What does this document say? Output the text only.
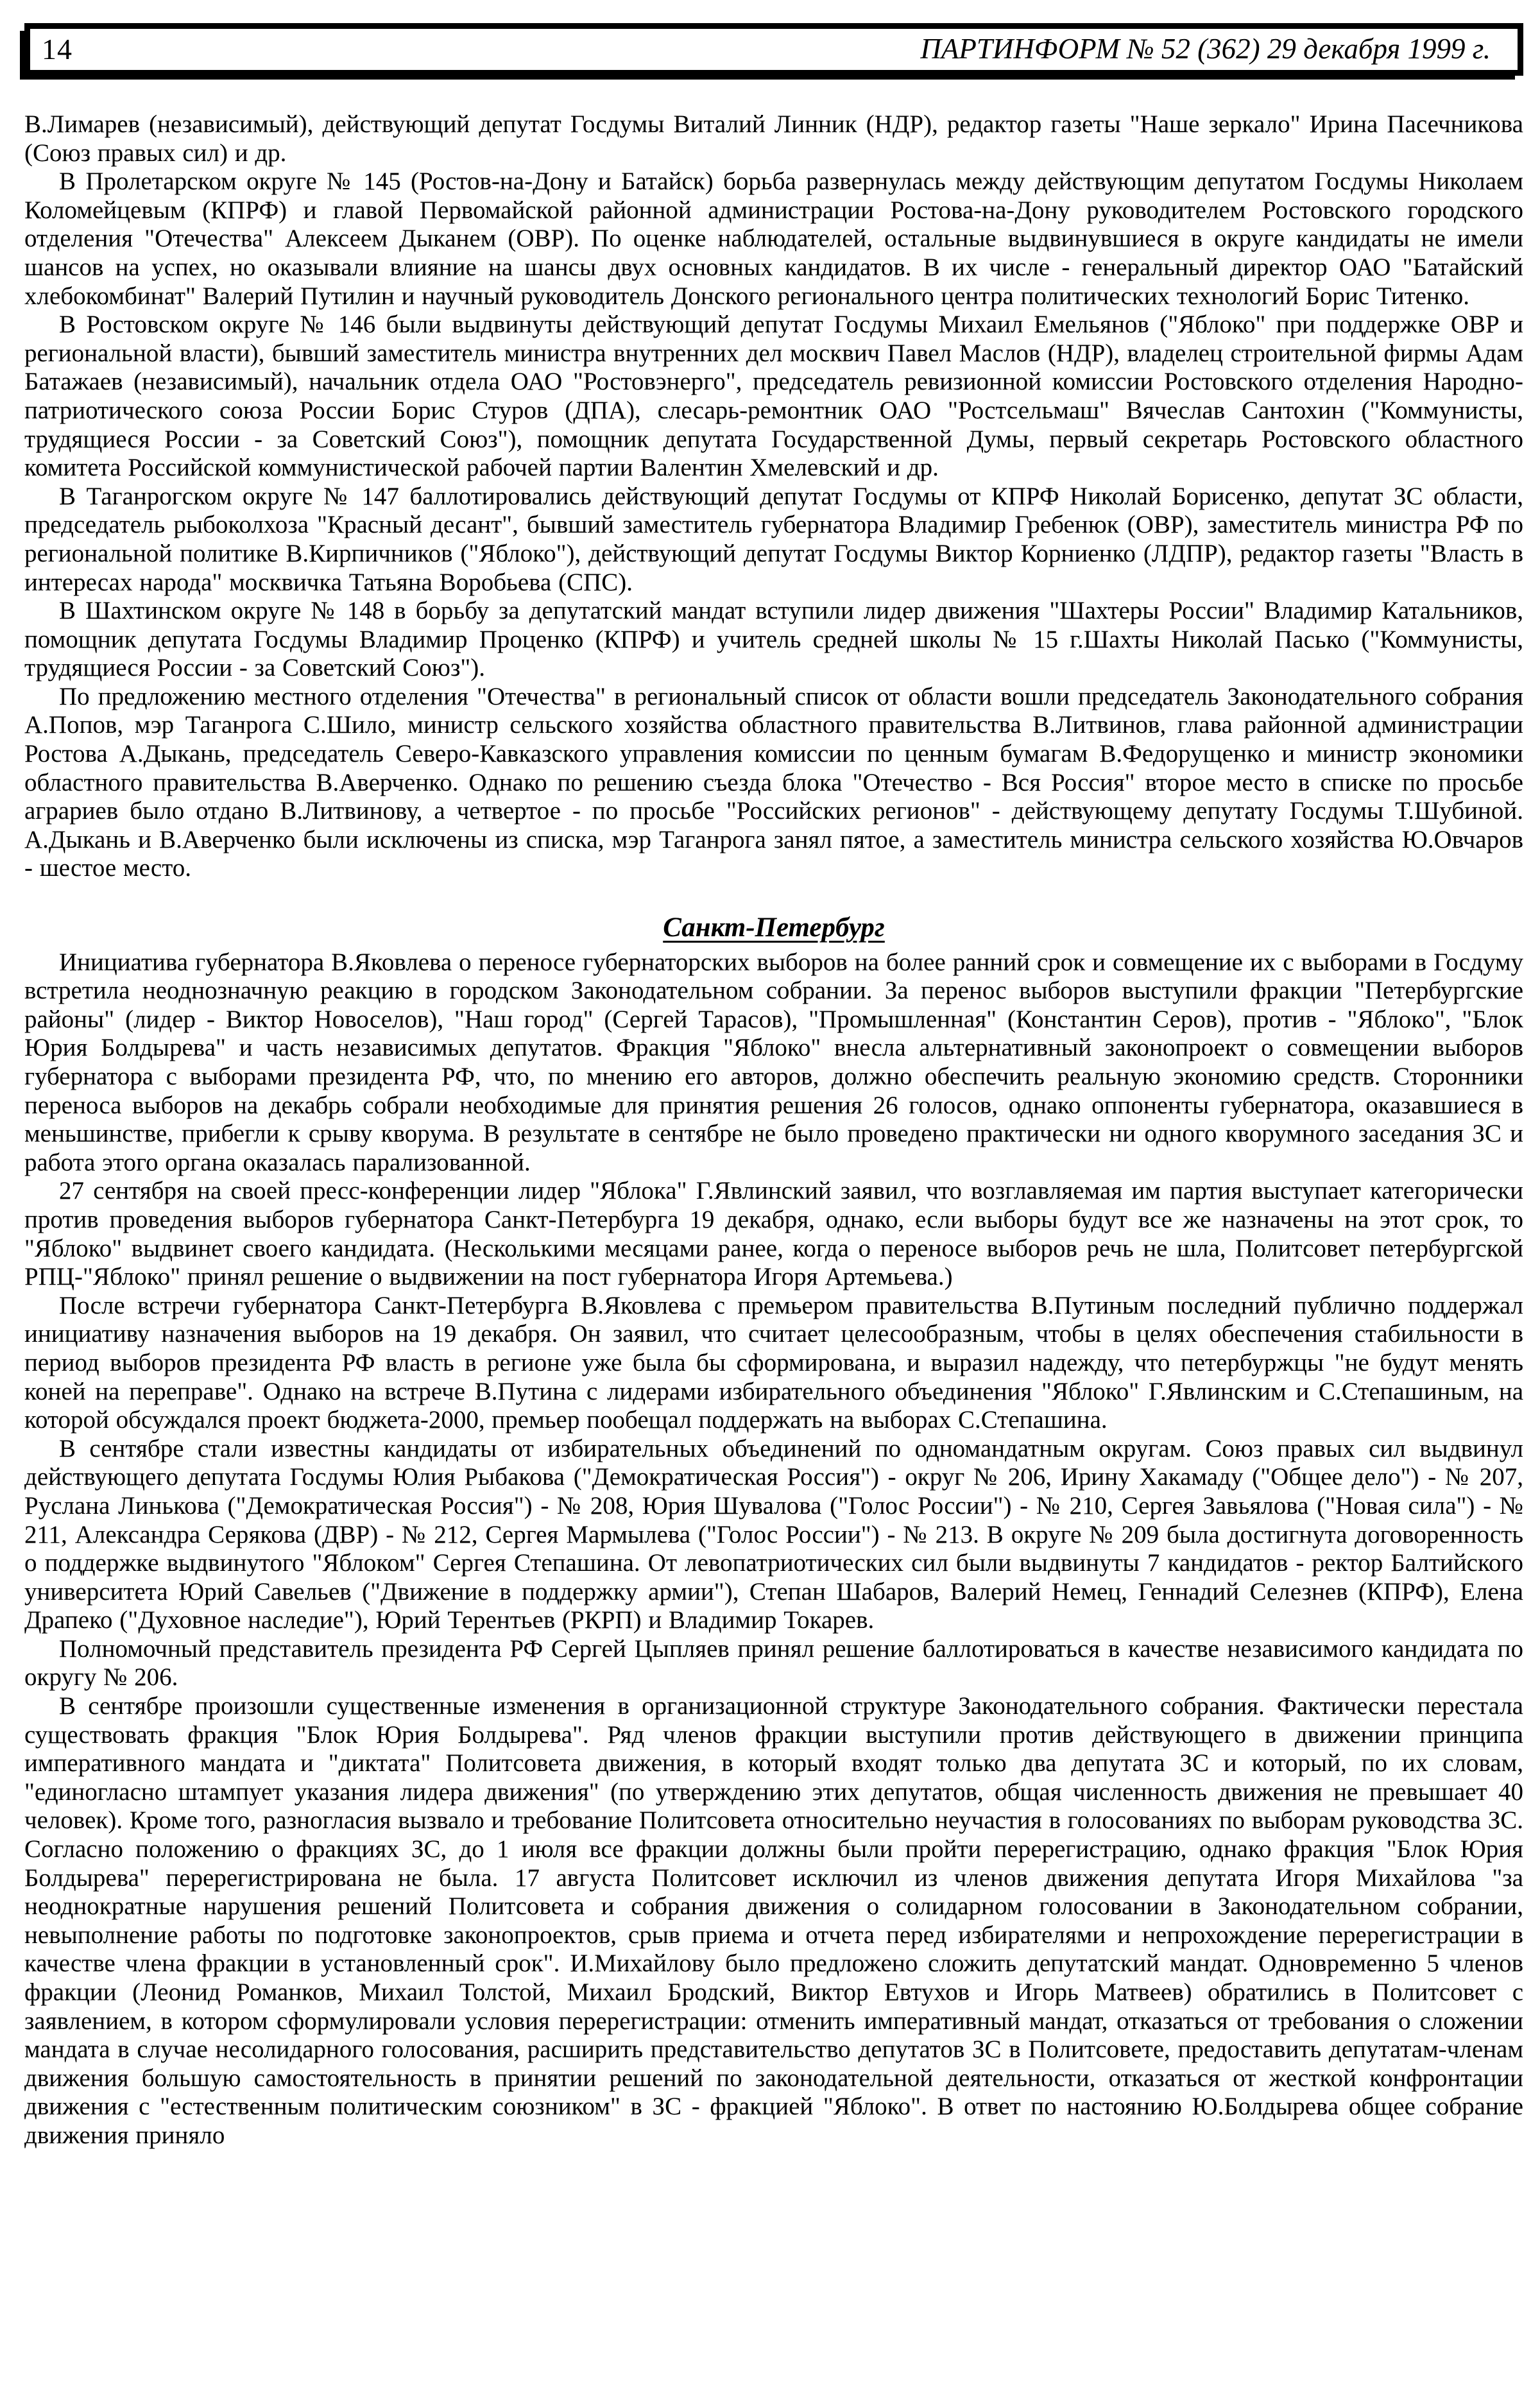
14	ПАРТИНФОРМ № 52 (362) 29 декабря 1999 г.

В.Лимарев (независимый), действующий депутат Госдумы Виталий Линник (НДР), редактор газеты "Наше зеркало" Ирина Пасечникова (Союз правых сил) и др.

В Пролетарском округе № 145 (Ростов-на-Дону и Батайск) борьба развернулась между действующим депутатом Госдумы Николаем Коломейцевым (КПРФ) и главой Первомайской районной администрации Ростова-на-Дону руководителем Ростовского городского отделения "Отечества" Алексеем Дыканем (ОВР). По оценке наблюдателей, остальные выдвинувшиеся в округе кандидаты не имели шансов на успех, но оказывали влияние на шансы двух основных кандидатов. В их числе - генеральный директор ОАО "Батайский хлебокомбинат" Валерий Путилин и научный руководитель Донского регионального центра политических технологий Борис Титенко.

В Ростовском округе № 146 были выдвинуты действующий депутат Госдумы Михаил Емельянов ("Яблоко" при поддержке ОВР и региональной власти), бывший заместитель министра внутренних дел москвич Павел Маслов (НДР), владелец строительной фирмы Адам Батажаев (независимый), начальник отдела ОАО "Ростовэнерго", председатель ревизионной комиссии Ростовского отделения Народно-патриотического союза России Борис Стуров (ДПА), слесарь-ремонтник ОАО "Ростсельмаш" Вячеслав Сантохин ("Коммунисты, трудящиеся России - за Советский Союз"), помощник депутата Государственной Думы, первый секретарь Ростовского областного комитета Российской коммунистической рабочей партии Валентин Хмелевский и др.

В Таганрогском округе № 147 баллотировались действующий депутат Госдумы от КПРФ Николай Борисенко, депутат ЗС области, председатель рыбоколхоза "Красный десант", бывший заместитель губернатора Владимир Гребенюк (ОВР), заместитель министра РФ по региональной политике В.Кирпичников ("Яблоко"), действующий депутат Госдумы Виктор Корниенко (ЛДПР), редактор газеты "Власть в интересах народа" москвичка Татьяна Воробьева (СПС).

В Шахтинском округе № 148 в борьбу за депутатский мандат вступили лидер движения "Шахтеры России" Владимир Катальников, помощник депутата Госдумы Владимир Проценко (КПРФ) и учитель средней школы № 15 г.Шахты Николай Пасько ("Коммунисты, трудящиеся России - за Советский Союз").

По предложению местного отделения "Отечества" в региональный список от области вошли председатель Законодательного собрания А.Попов, мэр Таганрога С.Шило, министр сельского хозяйства областного правительства В.Литвинов, глава районной администрации Ростова А.Дыкань, председатель Северо-Кавказского управления комиссии по ценным бумагам В.Федорущенко и министр экономики областного правительства В.Аверченко. Однако по решению съезда блока "Отечество - Вся Россия" второе место в списке по просьбе аграриев было отдано В.Литвинову, а четвертое - по просьбе "Российских регионов" - действующему депутату Госдумы Т.Шубиной. А.Дыкань и В.Аверченко были исключены из списка, мэр Таганрога занял пятое, а заместитель министра сельского хозяйства Ю.Овчаров - шестое место.

Санкт-Петербург

Инициатива губернатора В.Яковлева о переносе губернаторских выборов на более ранний срок и совмещение их с выборами в Госдуму встретила неоднозначную реакцию в городском Законодательном собрании. За перенос выборов выступили фракции "Петербургские районы" (лидер - Виктор Новоселов), "Наш город" (Сергей Тарасов), "Промышленная" (Константин Серов), против - "Яблоко", "Блок Юрия Болдырева" и часть независимых депутатов. Фракция "Яблоко" внесла альтернативный законопроект о совмещении выборов губернатора с выборами президента РФ, что, по мнению его авторов, должно обеспечить реальную экономию средств. Сторонники переноса выборов на декабрь собрали необходимые для принятия решения 26 голосов, однако оппоненты губернатора, оказавшиеся в меньшинстве, прибегли к срыву кворума. В результате в сентябре не было проведено практически ни одного кворумного заседания ЗС и работа этого органа оказалась парализованной.

27 сентября на своей пресс-конференции лидер "Яблока" Г.Явлинский заявил, что возглавляемая им партия выступает категорически против проведения выборов губернатора Санкт-Петербурга 19 декабря, однако, если выборы будут все же назначены на этот срок, то "Яблоко" выдвинет своего кандидата. (Несколькими месяцами ранее, когда о переносе выборов речь не шла, Политсовет петербургской РПЦ-"Яблоко" принял решение о выдвижении на пост губернатора Игоря Артемьева.)

После встречи губернатора Санкт-Петербурга В.Яковлева с премьером правительства В.Путиным последний публично поддержал инициативу назначения выборов на 19 декабря. Он заявил, что считает целесообразным, чтобы в целях обеспечения стабильности в период выборов президента РФ власть в регионе уже была бы сформирована, и выразил надежду, что петербуржцы "не будут менять коней на переправе". Однако на встрече В.Путина с лидерами избирательного объединения "Яблоко" Г.Явлинским и С.Степашиным, на которой обсуждался проект бюджета-2000, премьер пообещал поддержать на выборах С.Степашина.

В сентябре стали известны кандидаты от избирательных объединений по одномандатным округам. Союз правых сил выдвинул действующего депутата Госдумы Юлия Рыбакова ("Демократическая Россия") - округ № 206, Ирину Хакамаду ("Общее дело") - № 207, Руслана Линькова ("Демократическая Россия") - № 208, Юрия Шувалова ("Голос России") - № 210, Сергея Завьялова ("Новая сила") - № 211, Александра Серякова (ДВР) - № 212, Сергея Мармылева ("Голос России") - № 213. В округе № 209 была достигнута договоренность о поддержке выдвинутого "Яблоком" Сергея Степашина. От левопатриотических сил были выдвинуты 7 кандидатов - ректор Балтийского университета Юрий Савельев ("Движение в поддержку армии"), Степан Шабаров, Валерий Немец, Геннадий Селезнев (КПРФ), Елена Драпеко ("Духовное наследие"), Юрий Терентьев (РКРП) и Владимир Токарев.

Полномочный представитель президента РФ Сергей Цыпляев принял решение баллотироваться в качестве независимого кандидата по округу № 206.

В сентябре произошли существенные изменения в организационной структуре Законодательного собрания. Фактически перестала существовать фракция "Блок Юрия Болдырева". Ряд членов фракции выступили против действующего в движении принципа императивного мандата и "диктата" Политсовета движения, в который входят только два депутата ЗС и который, по их словам, "единогласно штампует указания лидера движения" (по утверждению этих депутатов, общая численность движения не превышает 40 человек). Кроме того, разногласия вызвало и требование Политсовета относительно неучастия в голосованиях по выборам руководства ЗС. Согласно положению о фракциях ЗС, до 1 июля все фракции должны были пройти перерегистрацию, однако фракция "Блок Юрия Болдырева" перерегистрирована не была. 17 августа Политсовет исключил из членов движения депутата Игоря Михайлова "за неоднократные нарушения решений Политсовета и собрания движения о солидарном голосовании в Законодательном собрании, невыполнение работы по подготовке законопроектов, срыв приема и отчета перед избирателями и непрохождение перерегистрации в качестве члена фракции в установленный срок". И.Михайлову было предложено сложить депутатский мандат. Одновременно 5 членов фракции (Леонид Романков, Михаил Толстой, Михаил Бродский, Виктор Евтухов и Игорь Матвеев) обратились в Политсовет с заявлением, в котором сформулировали условия перерегистрации: отменить императивный мандат, отказаться от требования о сложении мандата в случае несолидарного голосования, расширить представительство депутатов ЗС в Политсовете, предоставить депутатам-членам движения большую самостоятельность в принятии решений по законодательной деятельности, отказаться от жесткой конфронтации движения с "естественным политическим союзником" в ЗС - фракцией "Яблоко". В ответ по настоянию Ю.Болдырева общее собрание движения приняло
